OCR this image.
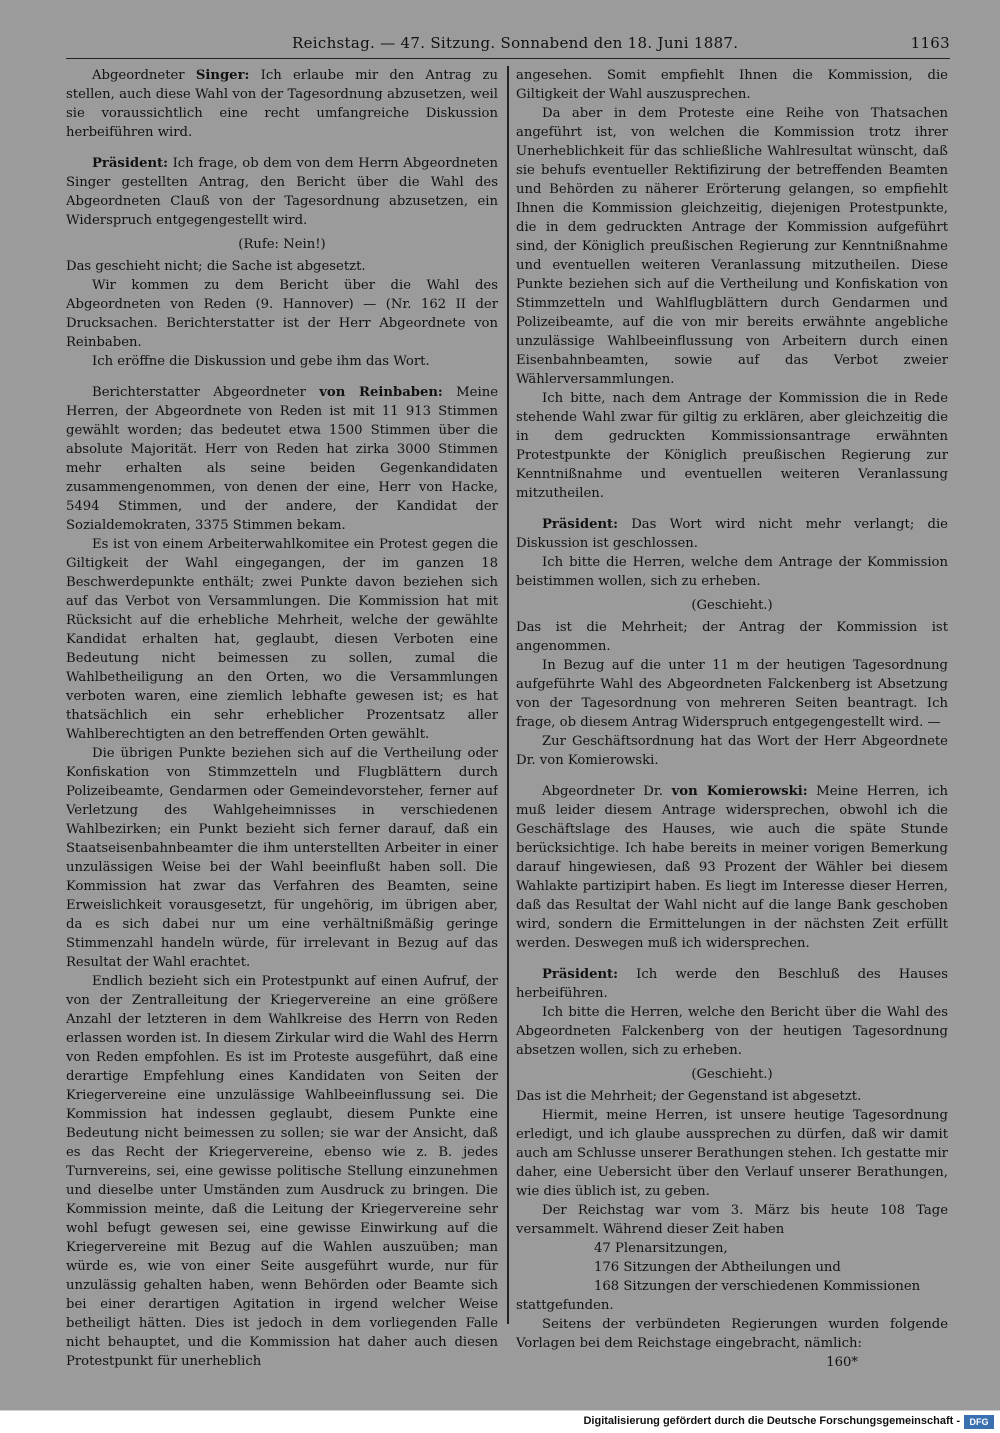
Reichstag. — 47. Sitzung. Sonnabend den 18. Juni 1887.	1163

Abgeordneter Singer: Ich erlaube mir den Antrag zu stellen, auch diese Wahl von der Tagesordnung abzusetzen, weil sie voraussichtlich eine recht umfangreiche Diskussion herbeiführen wird.

Präsident: Ich frage, ob dem von dem Herrn Abgeordneten Singer gestellten Antrag, den Bericht über die Wahl des Abgeordneten Clauß von der Tagesordnung abzusetzen, ein Widerspruch entgegengestellt wird.

(Rufe: Nein!)

Das geschieht nicht; die Sache ist abgesetzt.

Wir kommen zu dem Bericht über die Wahl des Abgeordneten von Reden (9. Hannover) — (Nr. 162 II der Drucksachen. Berichterstatter ist der Herr Abgeordnete von Reinbaben.

Ich eröffne die Diskussion und gebe ihm das Wort.

Berichterstatter Abgeordneter von Reinbaben: Meine Herren, der Abgeordnete von Reden ist mit 11 913 Stimmen gewählt worden; das bedeutet etwa 1500 Stimmen über die absolute Majorität. Herr von Reden hat zirka 3000 Stimmen mehr erhalten als seine beiden Gegenkandidaten zusammengenommen, von denen der eine, Herr von Hacke, 5494 Stimmen, und der andere, der Kandidat der Sozialdemokraten, 3375 Stimmen bekam.

Es ist von einem Arbeiterwahlkomitee ein Protest gegen die Giltigkeit der Wahl eingegangen, der im ganzen 18 Beschwerdepunkte enthält; zwei Punkte davon beziehen sich auf das Verbot von Versammlungen. Die Kommission hat mit Rücksicht auf die erhebliche Mehrheit, welche der gewählte Kandidat erhalten hat, geglaubt, diesen Verboten eine Bedeutung nicht beimessen zu sollen, zumal die Wahlbetheiligung an den Orten, wo die Versammlungen verboten waren, eine ziemlich lebhafte gewesen ist; es hat thatsächlich ein sehr erheblicher Prozentsatz aller Wahlberechtigten an den betreffenden Orten gewählt.

Die übrigen Punkte beziehen sich auf die Vertheilung oder Konfiskation von Stimmzetteln und Flugblättern durch Polizeibeamte, Gendarmen oder Gemeindevorsteher, ferner auf Verletzung des Wahlgeheimnisses in verschiedenen Wahlbezirken; ein Punkt bezieht sich ferner darauf, daß ein Staatseisenbahnbeamter die ihm unterstellten Arbeiter in einer unzulässigen Weise bei der Wahl beeinflußt haben soll. Die Kommission hat zwar das Verfahren des Beamten, seine Erweislichkeit vorausgesetzt, für ungehörig, im übrigen aber, da es sich dabei nur um eine verhältnißmäßig geringe Stimmenzahl handeln würde, für irrelevant in Bezug auf das Resultat der Wahl erachtet.

Endlich bezieht sich ein Protestpunkt auf einen Aufruf, der von der Zentralleitung der Kriegervereine an eine größere Anzahl der letzteren in dem Wahlkreise des Herrn von Reden erlassen worden ist. In diesem Zirkular wird die Wahl des Herrn von Reden empfohlen. Es ist im Proteste ausgeführt, daß eine derartige Empfehlung eines Kandidaten von Seiten der Kriegervereine eine unzulässige Wahlbeeinflussung sei. Die Kommission hat indessen geglaubt, diesem Punkte eine Bedeutung nicht beimessen zu sollen; sie war der Ansicht, daß es das Recht der Kriegervereine, ebenso wie z. B. jedes Turnvereins, sei, eine gewisse politische Stellung einzunehmen und dieselbe unter Umständen zum Ausdruck zu bringen. Die Kommission meinte, daß die Leitung der Kriegervereine sehr wohl befugt gewesen sei, eine gewisse Einwirkung auf die Kriegervereine mit Bezug auf die Wahlen auszuüben; man würde es, wie von einer Seite ausgeführt wurde, nur für unzulässig gehalten haben, wenn Behörden oder Beamte sich bei einer derartigen Agitation in irgend welcher Weise betheiligt hätten. Dies ist jedoch in dem vorliegenden Falle nicht behauptet, und die Kommission hat daher auch diesen Protestpunkt für unerheblich

angesehen. Somit empfiehlt Ihnen die Kommission, die Giltigkeit der Wahl auszusprechen.

Da aber in dem Proteste eine Reihe von Thatsachen angeführt ist, von welchen die Kommission trotz ihrer Unerheblichkeit für das schließliche Wahlresultat wünscht, daß sie behufs eventueller Rektifizirung der betreffenden Beamten und Behörden zu näherer Erörterung gelangen, so empfiehlt Ihnen die Kommission gleichzeitig, diejenigen Protestpunkte, die in dem gedruckten Antrage der Kommission aufgeführt sind, der Königlich preußischen Regierung zur Kenntnißnahme und eventuellen weiteren Veranlassung mitzutheilen. Diese Punkte beziehen sich auf die Vertheilung und Konfiskation von Stimmzetteln und Wahlflugblättern durch Gendarmen und Polizeibeamte, auf die von mir bereits erwähnte angebliche unzulässige Wahlbeeinflussung von Arbeitern durch einen Eisenbahnbeamten, sowie auf das Verbot zweier Wählerversammlungen.

Ich bitte, nach dem Antrage der Kommission die in Rede stehende Wahl zwar für giltig zu erklären, aber gleichzeitig die in dem gedruckten Kommissionsantrage erwähnten Protestpunkte der Königlich preußischen Regierung zur Kenntnißnahme und eventuellen weiteren Veranlassung mitzutheilen.

Präsident: Das Wort wird nicht mehr verlangt; die Diskussion ist geschlossen.

Ich bitte die Herren, welche dem Antrage der Kommission beistimmen wollen, sich zu erheben.

(Geschieht.)

Das ist die Mehrheit; der Antrag der Kommission ist angenommen.

In Bezug auf die unter 11 m der heutigen Tagesordnung aufgeführte Wahl des Abgeordneten Falckenberg ist Absetzung von der Tagesordnung von mehreren Seiten beantragt. Ich frage, ob diesem Antrag Widerspruch entgegengestellt wird. —

Zur Geschäftsordnung hat das Wort der Herr Abgeordnete Dr. von Komierowski.

Abgeordneter Dr. von Komierowski: Meine Herren, ich muß leider diesem Antrage widersprechen, obwohl ich die Geschäftslage des Hauses, wie auch die späte Stunde berücksichtige. Ich habe bereits in meiner vorigen Bemerkung darauf hingewiesen, daß 93 Prozent der Wähler bei diesem Wahlakte partizipirt haben. Es liegt im Interesse dieser Herren, daß das Resultat der Wahl nicht auf die lange Bank geschoben wird, sondern die Ermittelungen in der nächsten Zeit erfüllt werden. Deswegen muß ich widersprechen.

Präsident: Ich werde den Beschluß des Hauses herbeiführen.

Ich bitte die Herren, welche den Bericht über die Wahl des Abgeordneten Falckenberg von der heutigen Tagesordnung absetzen wollen, sich zu erheben.

(Geschieht.)

Das ist die Mehrheit; der Gegenstand ist abgesetzt.

Hiermit, meine Herren, ist unsere heutige Tagesordnung erledigt, und ich glaube aussprechen zu dürfen, daß wir damit auch am Schlusse unserer Berathungen stehen. Ich gestatte mir daher, eine Uebersicht über den Verlauf unserer Berathungen, wie dies üblich ist, zu geben.

Der Reichstag war vom 3. März bis heute 108 Tage versammelt. Während dieser Zeit haben

47 Plenarsitzungen,

176 Sitzungen der Abtheilungen und

168 Sitzungen der verschiedenen Kommissionen

stattgefunden.

Seitens der verbündeten Regierungen wurden folgende Vorlagen bei dem Reichstage eingebracht, nämlich:

160*

Digitalisierung gefördert durch die Deutsche Forschungsgemeinschaft -	DFG
